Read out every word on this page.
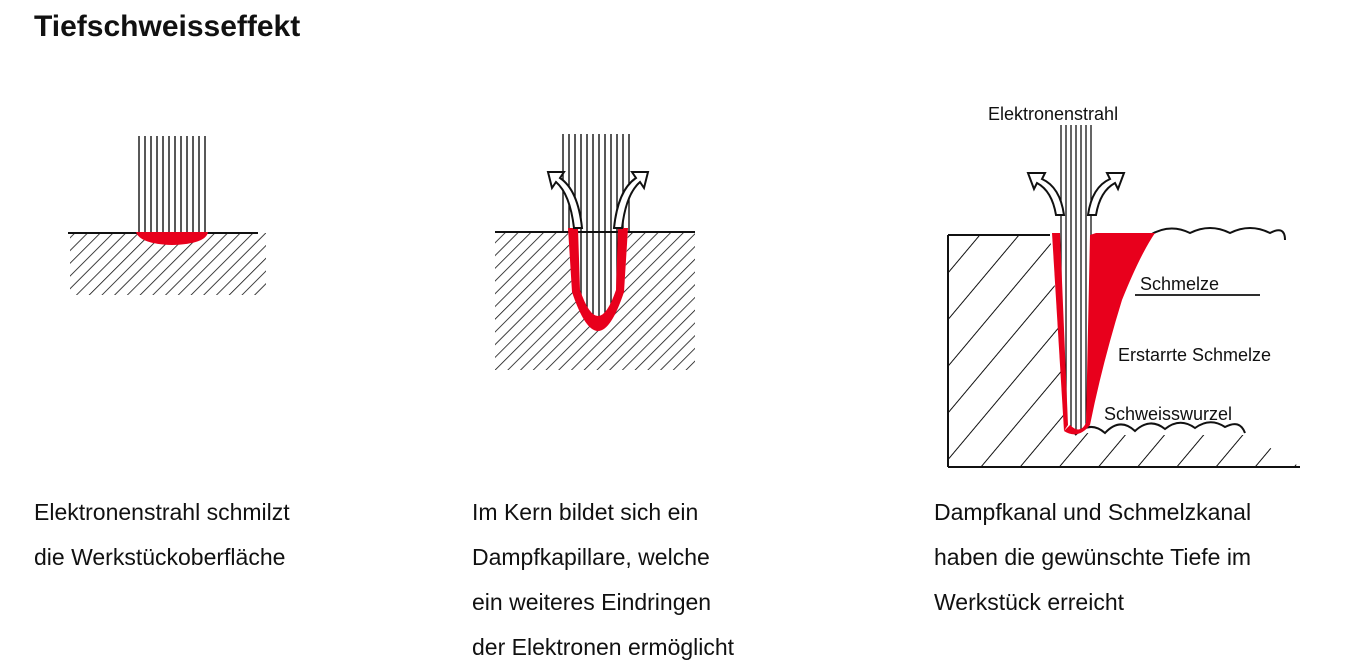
Tiefschweisseffekt
Elektronenstrahl
Schmelze
Erstarrte Schmelze
Schweisswurzel
Elektronenstrahl schmilzt
die Werkstückoberfläche
Im Kern bildet sich ein
Dampfkapillare, welche
ein weiteres Eindringen
der Elektronen ermöglicht
Dampfkanal und Schmelzkanal
haben die gewünschte Tiefe im
Werkstück erreicht
